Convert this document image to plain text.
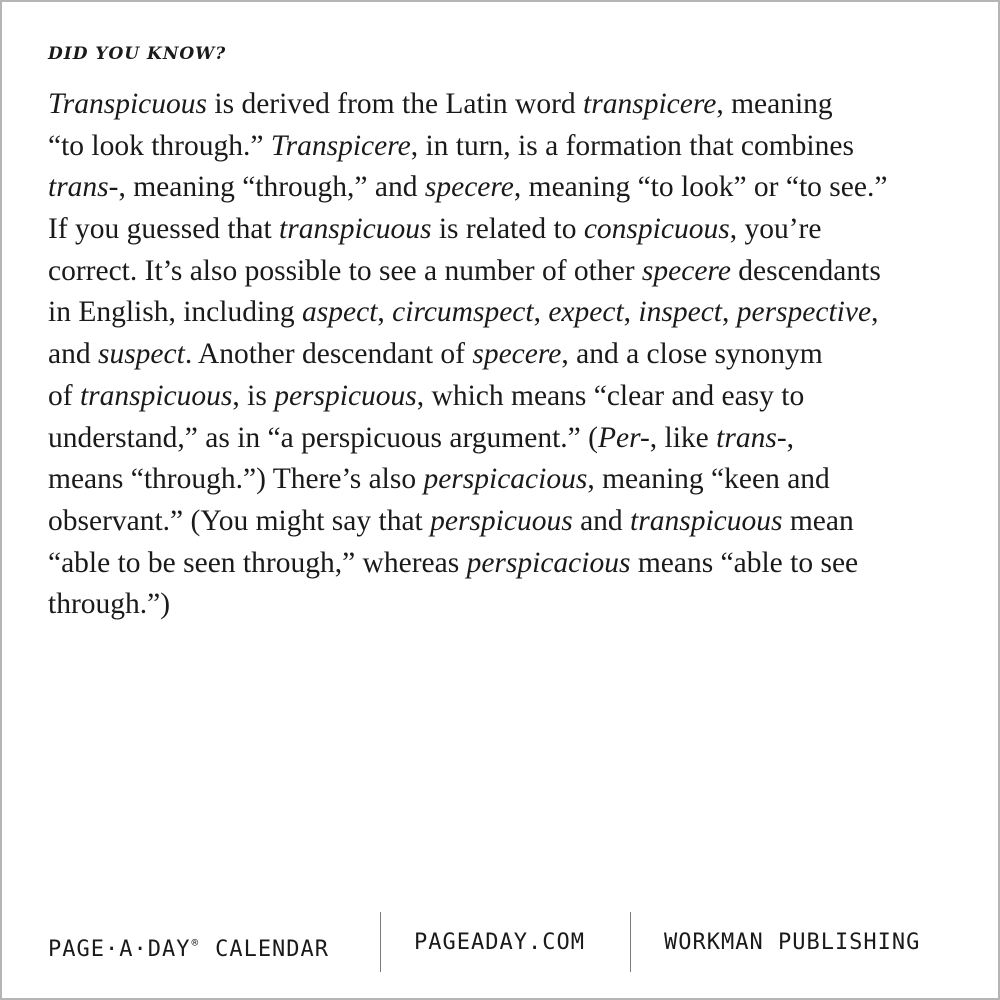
DID YOU KNOW?
Transpicuous is derived from the Latin word transpicere, meaning
“to look through.” Transpicere, in turn, is a formation that combines
trans-, meaning “through,” and specere, meaning “to look” or “to see.”
If you guessed that transpicuous is related to conspicuous, you’re
correct. It’s also possible to see a number of other specere descendants
in English, including aspect, circumspect, expect, inspect, perspective,
and suspect. Another descendant of specere, and a close synonym
of transpicuous, is perspicuous, which means “clear and easy to
understand,” as in “a perspicuous argument.” (Per-, like trans-,
means “through.”) There’s also perspicacious, meaning “keen and
observant.” (You might say that perspicuous and transpicuous mean
“able to be seen through,” whereas perspicacious means “able to see
through.”)
PAGE·A·DAY® CALENDAR	PAGEADAY.COM	WORKMAN PUBLISHING
